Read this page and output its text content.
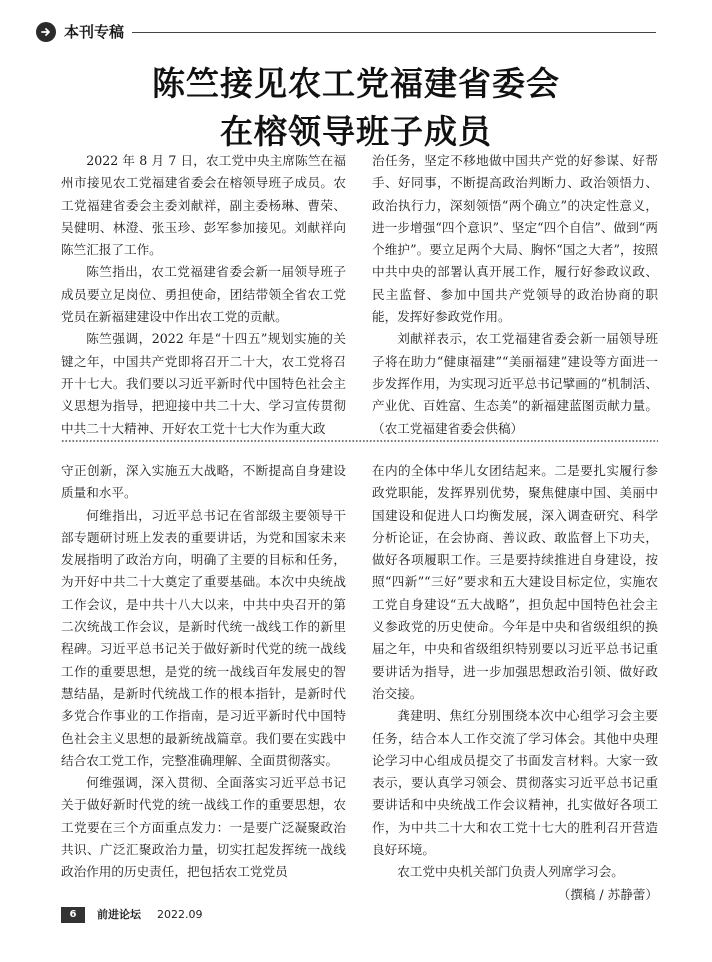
本刊专稿
陈竺接见农工党福建省委会
在榕领导班子成员

2022 年 8 月 7 日，农工党中央主席陈竺在福州市接见农工党福建省委会在榕领导班子成员。农工党福建省委会主委刘献祥，副主委杨琳、曹荣、吴健明、林澄、张玉珍、彭军参加接见。刘献祥向陈竺汇报了工作。

陈竺指出，农工党福建省委会新一届领导班子成员要立足岗位、勇担使命，团结带领全省农工党党员在新福建建设中作出农工党的贡献。

陈竺强调，2022 年是“十四五”规划实施的关键之年，中国共产党即将召开二十大，农工党将召开十七大。我们要以习近平新时代中国特色社会主义思想为指导，把迎接中共二十大、学习宣传贯彻中共二十大精神、开好农工党十七大作为重大政

治任务，坚定不移地做中国共产党的好参谋、好帮手、好同事，不断提高政治判断力、政治领悟力、政治执行力，深刻领悟“两个确立”的决定性意义，进一步增强“四个意识”、坚定“四个自信”、做到“两个维护”。要立足两个大局、胸怀“国之大者”，按照中共中央的部署认真开展工作，履行好参政议政、民主监督、参加中国共产党领导的政治协商的职能，发挥好参政党作用。

刘献祥表示，农工党福建省委会新一届领导班子将在助力“健康福建”“美丽福建”建设等方面进一步发挥作用，为实现习近平总书记擘画的“机制活、产业优、百姓富、生态美”的新福建蓝图贡献力量。（农工党福建省委会供稿）

守正创新，深入实施五大战略，不断提高自身建设质量和水平。

何维指出，习近平总书记在省部级主要领导干部专题研讨班上发表的重要讲话，为党和国家未来发展指明了政治方向，明确了主要的目标和任务，为开好中共二十大奠定了重要基础。本次中央统战工作会议，是中共十八大以来，中共中央召开的第二次统战工作会议，是新时代统一战线工作的新里程碑。习近平总书记关于做好新时代党的统一战线工作的重要思想，是党的统一战线百年发展史的智慧结晶，是新时代统战工作的根本指针，是新时代多党合作事业的工作指南，是习近平新时代中国特色社会主义思想的最新统战篇章。我们要在实践中结合农工党工作，完整准确理解、全面贯彻落实。

何维强调，深入贯彻、全面落实习近平总书记关于做好新时代党的统一战线工作的重要思想，农工党要在三个方面重点发力：一是要广泛凝聚政治共识、广泛汇聚政治力量，切实扛起发挥统一战线政治作用的历史责任，把包括农工党党员

在内的全体中华儿女团结起来。二是要扎实履行参政党职能，发挥界别优势，聚焦健康中国、美丽中国建设和促进人口均衡发展，深入调查研究、科学分析论证，在会协商、善议政、敢监督上下功夫，做好各项履职工作。三是要持续推进自身建设，按照“四新”“三好”要求和五大建设目标定位，实施农工党自身建设“五大战略”，担负起中国特色社会主义参政党的历史使命。今年是中央和省级组织的换届之年，中央和省级组织特别要以习近平总书记重要讲话为指导，进一步加强思想政治引领、做好政治交接。

龚建明、焦红分别围绕本次中心组学习会主要任务，结合本人工作交流了学习体会。其他中央理论学习中心组成员提交了书面发言材料。大家一致表示，要认真学习领会、贯彻落实习近平总书记重要讲话和中央统战工作会议精神，扎实做好各项工作，为中共二十大和农工党十七大的胜利召开营造良好环境。

农工党中央机关部门负责人列席学习会。

（撰稿 / 苏静蕾）

6	前进论坛 2022.09
